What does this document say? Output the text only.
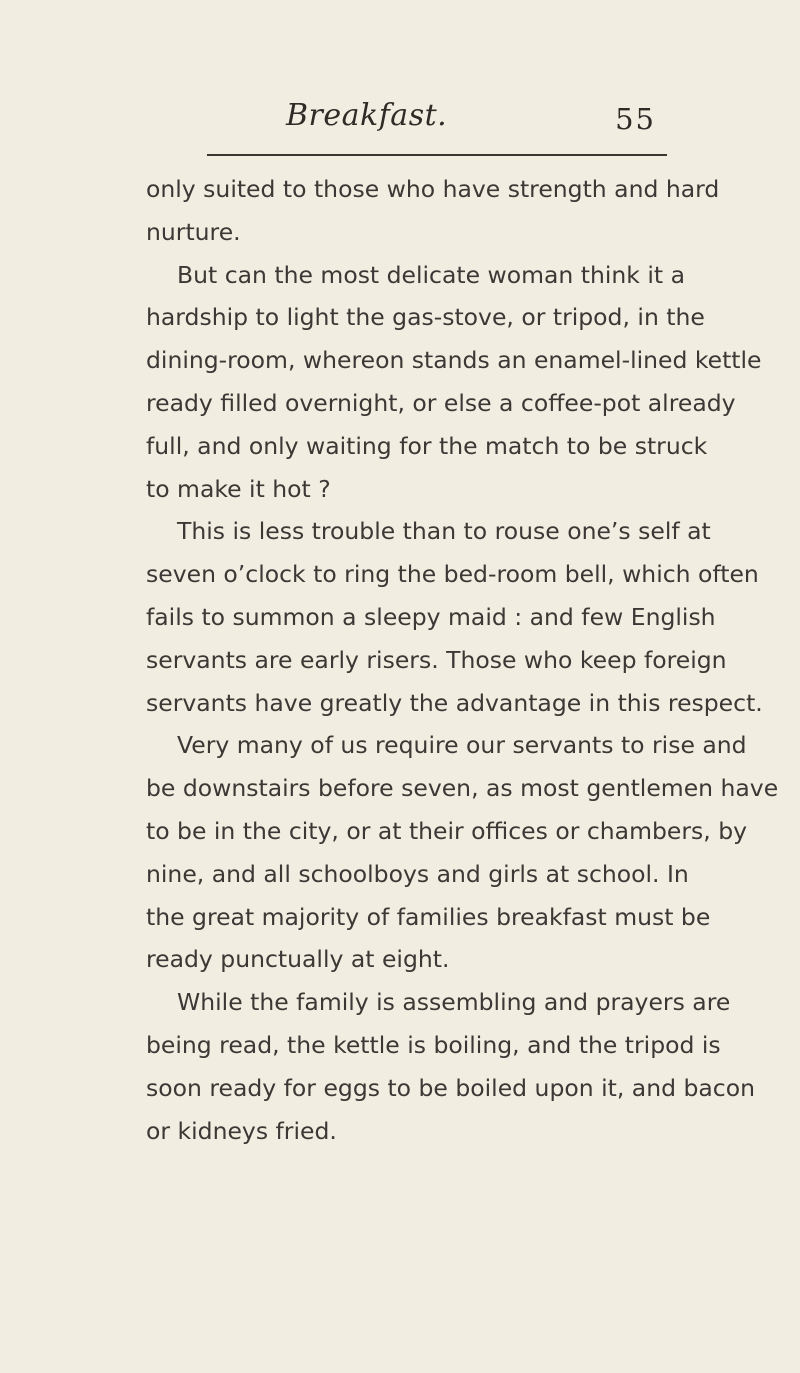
Breakfast.	55
only suited to those who have strength and hard
nurture.
But can the most delicate woman think it a
hardship to light the gas-stove, or tripod, in the
dining-room, whereon stands an enamel-lined kettle
ready filled overnight, or else a coffee-pot already
full, and only waiting for the match to be struck
to make it hot ?
This is less trouble than to rouse one’s self at
seven o’clock to ring the bed-room bell, which often
fails to summon a sleepy maid : and few English
servants are early risers. Those who keep foreign
servants have greatly the advantage in this respect.
Very many of us require our servants to rise and
be downstairs before seven, as most gentlemen have
to be in the city, or at their offices or chambers, by
nine, and all schoolboys and girls at school. In
the great majority of families breakfast must be
ready punctually at eight.
While the family is assembling and prayers are
being read, the kettle is boiling, and the tripod is
soon ready for eggs to be boiled upon it, and bacon
or kidneys fried.
